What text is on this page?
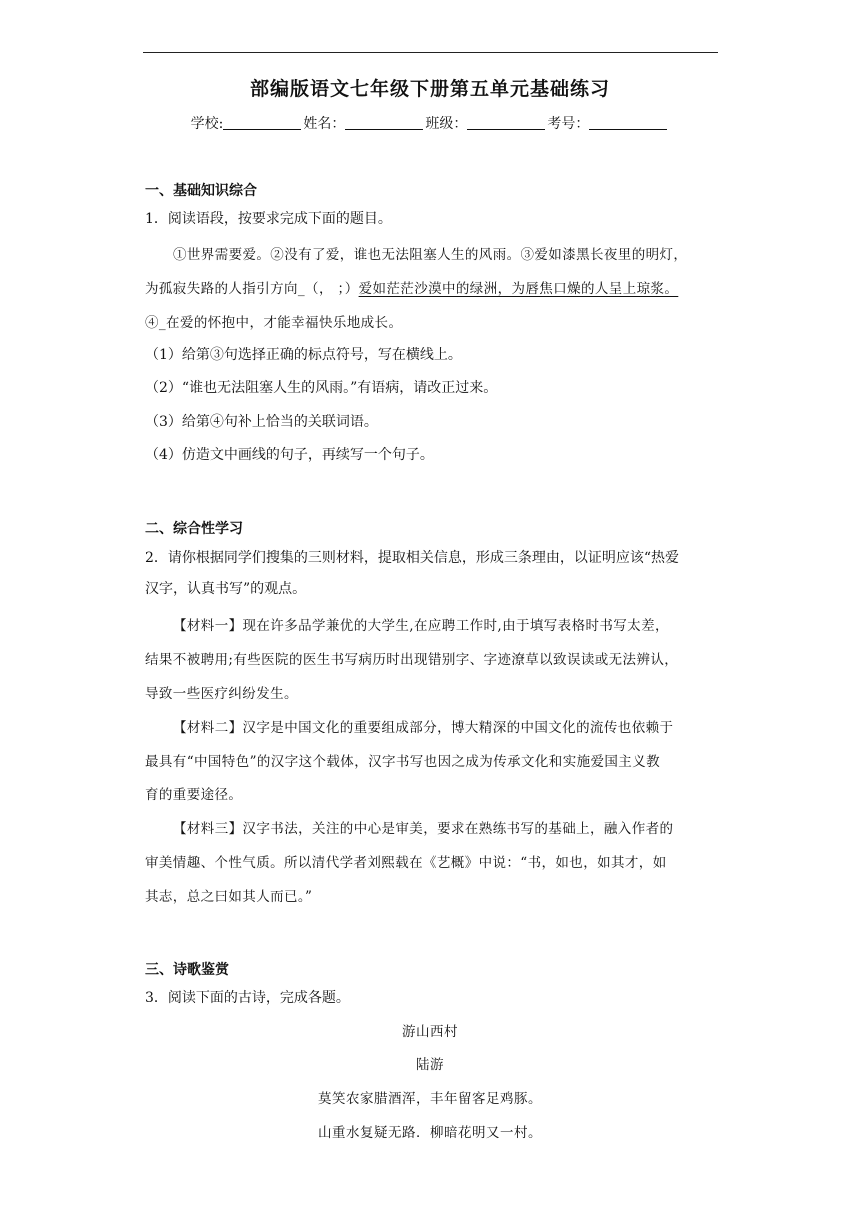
部编版语文七年级下册第五单元基础练习
学校:	姓名：	班级：	考号：
一、基础知识综合
1．阅读语段，按要求完成下面的题目。
①世界需要爱。②没有了爱，谁也无法阻塞人生的风雨。③爱如漆黑长夜里的明灯，
为孤寂失路的人指引方向_（， ；）爱如茫茫沙漠中的绿洲，为唇焦口燥的人呈上琼浆。
④_在爱的怀抱中，才能幸福快乐地成长。
（1）给第③句选择正确的标点符号，写在横线上。
（2）“谁也无法阻塞人生的风雨。”有语病，请改正过来。
（3）给第④句补上恰当的关联词语。
（4）仿造文中画线的句子，再续写一个句子。
二、综合性学习
2．请你根据同学们搜集的三则材料，提取相关信息，形成三条理由，以证明应该“热爱
汉字，认真书写”的观点。
【材料一】现在许多品学兼优的大学生,在应聘工作时,由于填写表格时书写太差，
结果不被聘用;有些医院的医生书写病历时出现错别字、字迹潦草以致误读或无法辨认，
导致一些医疗纠纷发生。
【材料二】汉字是中国文化的重要组成部分，博大精深的中国文化的流传也依赖于
最具有“中国特色”的汉字这个载体，汉字书写也因之成为传承文化和实施爱国主义教
育的重要途径。
【材料三】汉字书法，关注的中心是审美，要求在熟练书写的基础上，融入作者的
审美情趣、个性气质。所以清代学者刘熙载在《艺概》中说：“书，如也，如其才，如
其志，总之曰如其人而已。”
三、诗歌鉴赏
3．阅读下面的古诗，完成各题。
游山西村
陆游
莫笑农家腊酒浑，丰年留客足鸡豚。
山重水复疑无路．柳暗花明又一村。
